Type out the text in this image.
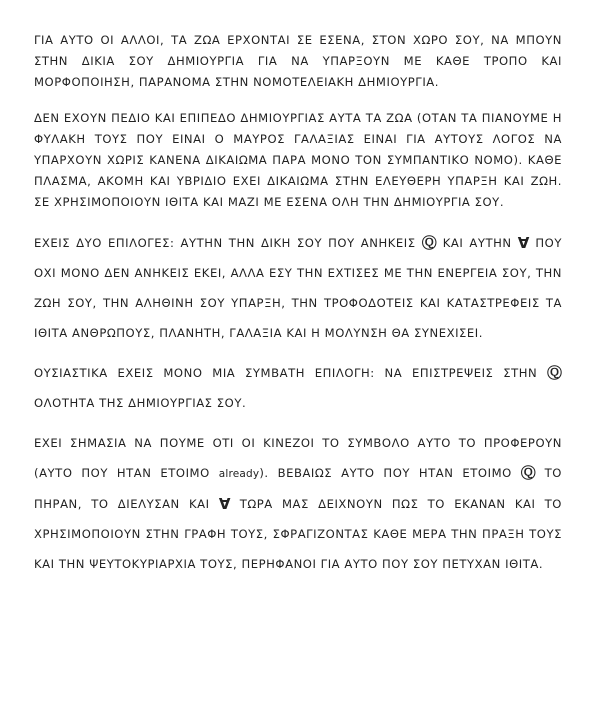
ΓΙΑ ΑΥΤΟ ΟΙ ΑΛΛΟΙ, ΤΑ ΖΩΑ ΕΡΧΟΝΤΑΙ ΣΕ ΕΣΕΝΑ, ΣΤΟΝ ΧΩΡΟ ΣΟΥ, ΝΑ ΜΠΟΥΝ ΣΤΗΝ ΔΙΚΙΑ ΣΟΥ ΔΗΜΙΟΥΡΓΙΑ ΓΙΑ ΝΑ ΥΠΑΡΞΟΥΝ ΜΕ ΚΑΘΕ ΤΡΟΠΟ ΚΑΙ ΜΟΡΦΟΠΟΙΗΣΗ, ΠΑΡΑΝΟΜΑ ΣΤΗΝ ΝΟΜΟΤΕΛΕΙΑΚΗ ΔΗΜΙΟΥΡΓΙΑ.

ΔΕΝ ΕΧΟΥΝ ΠΕΔΙΟ ΚΑΙ ΕΠΙΠΕΔΟ ΔΗΜΙΟΥΡΓΙΑΣ ΑΥΤΑ ΤΑ ΖΩΑ (ΟΤΑΝ ΤΑ ΠΙΑΝΟΥΜΕ Η ΦΥΛΑΚΗ ΤΟΥΣ ΠΟΥ ΕΙΝΑΙ Ο ΜΑΥΡΟΣ ΓΑΛΑΞΙΑΣ ΕΙΝΑΙ ΓΙΑ ΑΥΤΟΥΣ ΛΟΓΟΣ ΝΑ ΥΠΑΡΧΟΥΝ ΧΩΡΙΣ ΚΑΝΕΝΑ ΔΙΚΑΙΩΜΑ ΠΑΡΑ ΜΟΝΟ ΤΟΝ ΣΥΜΠΑΝΤΙΚΟ ΝΟΜΟ). ΚΑΘΕ ΠΛΑΣΜΑ, ΑΚΟΜΗ ΚΑΙ ΥΒΡΙΔΙΟ ΕΧΕΙ ΔΙΚΑΙΩΜΑ ΣΤΗΝ ΕΛΕΥΘΕΡΗ ΥΠΑΡΞΗ ΚΑΙ ΖΩΗ. ΣΕ ΧΡΗΣΙΜΟΠΟΙΟΥΝ ΙΘΙΤΑ ΚΑΙ ΜΑΖΙ ΜΕ ΕΣΕΝΑ ΟΛΗ ΤΗΝ ΔΗΜΙΟΥΡΓΙΑ ΣΟΥ.

ΕΧΕΙΣ ΔΥΟ ΕΠΙΛΟΓΕΣ: ΑΥΤΗΝ ΤΗΝ ΔΙΚΗ ΣΟΥ ΠΟΥ ΑΝΗΚΕΙΣ Ⓠ ΚΑΙ ΑΥΤΗΝ Ɐ ΠΟΥ ΟΧΙ ΜΟΝΟ ΔΕΝ ΑΝΗΚΕΙΣ ΕΚΕΙ, ΑΛΛΑ ΕΣΥ ΤΗΝ ΕΧΤΙΣΕΣ ΜΕ ΤΗΝ ΕΝΕΡΓΕΙΑ ΣΟΥ, ΤΗΝ ΖΩΗ ΣΟΥ, ΤΗΝ ΑΛΗΘΙΝΗ ΣΟΥ ΥΠΑΡΞΗ, ΤΗΝ ΤΡΟΦΟΔΟΤΕΙΣ ΚΑΙ ΚΑΤΑΣΤΡΕΦΕΙΣ ΤΑ ΙΘΙΤΑ ΑΝΘΡΩΠΟΥΣ, ΠΛΑΝΗΤΗ, ΓΑΛΑΞΙΑ ΚΑΙ Η ΜΟΛΥΝΣΗ ΘΑ ΣΥΝΕΧΙΣΕΙ.

ΟΥΣΙΑΣΤΙΚΑ ΕΧΕΙΣ ΜΟΝΟ ΜΙΑ ΣΥΜΒΑΤΗ ΕΠΙΛΟΓΗ: ΝΑ ΕΠΙΣΤΡΕΨΕΙΣ ΣΤΗΝ Ⓠ ΟΛΟΤΗΤΑ ΤΗΣ ΔΗΜΙΟΥΡΓΙΑΣ ΣΟΥ.

ΕΧΕΙ ΣΗΜΑΣΙΑ ΝΑ ΠΟΥΜΕ ΟΤΙ ΟΙ ΚΙΝΕΖΟΙ ΤΟ ΣΥΜΒΟΛΟ ΑΥΤΟ ΤΟ ΠΡΟΦΕΡΟΥΝ (ΑΥΤΟ ΠΟΥ ΗΤΑΝ ΕΤΟΙΜΟ already). ΒΕΒΑΙΩΣ ΑΥΤΟ ΠΟΥ ΗΤΑΝ ΕΤΟΙΜΟ Ⓠ ΤΟ ΠΗΡΑΝ, ΤΟ ΔΙΕΛΥΣΑΝ ΚΑΙ Ɐ ΤΩΡΑ ΜΑΣ ΔΕΙΧΝΟΥΝ ΠΩΣ ΤΟ ΕΚΑΝΑΝ ΚΑΙ ΤΟ ΧΡΗΣΙΜΟΠΟΙΟΥΝ ΣΤΗΝ ΓΡΑΦΗ ΤΟΥΣ, ΣΦΡΑΓΙΖΟΝΤΑΣ ΚΑΘΕ ΜΕΡΑ ΤΗΝ ΠΡΑΞΗ ΤΟΥΣ ΚΑΙ ΤΗΝ ΨΕΥΤΟΚΥΡΙΑΡΧΙΑ ΤΟΥΣ, ΠΕΡΗΦΑΝΟΙ ΓΙΑ ΑΥΤΟ ΠΟΥ ΣΟΥ ΠΕΤΥΧΑΝ ΙΘΙΤΑ.
